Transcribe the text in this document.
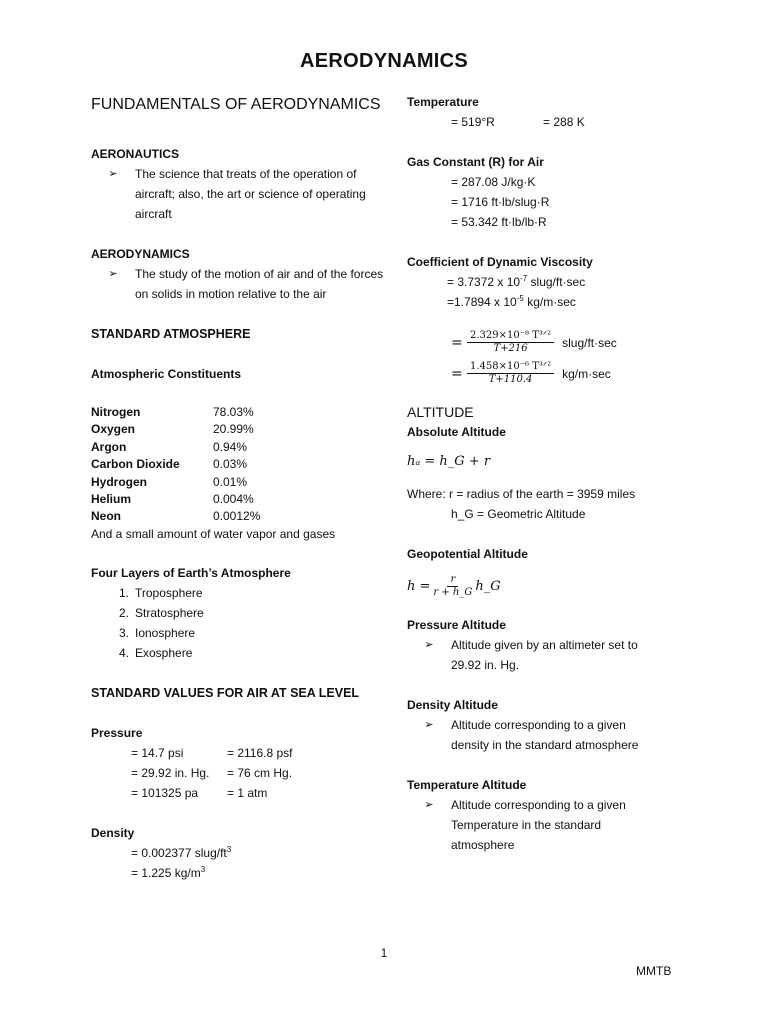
AERODYNAMICS
FUNDAMENTALS OF AERODYNAMICS
AERONAUTICS
➢	The science that treats of the operation of aircraft; also, the art or science of operating aircraft
AERODYNAMICS
➢	The study of the motion of air and of the forces on solids in motion relative to the air
STANDARD ATMOSPHERE
Atmospheric Constituents
Nitrogen	78.03%
Oxygen	20.99%
Argon	0.94%
Carbon Dioxide	0.03%
Hydrogen	0.01%
Helium	0.004%
Neon	0.0012%
And a small amount of water vapor and gases
Four Layers of Earth’s Atmosphere
1. Troposphere
2. Stratosphere
3. Ionosphere
4. Exosphere
STANDARD VALUES FOR AIR AT SEA LEVEL
Pressure
= 14.7 psi	= 2116.8 psf
= 29.92 in. Hg.	= 76 cm Hg.
= 101325 pa	= 1 atm
Density
= 0.002377 slug/$ft^3$
= 1.225 $kg/m^3$
Temperature
= 519°R	= 288 K
Gas Constant (R) for Air
= 287.08 J/kg·K
= 1716 ft·lb/slug·R
= 53.342 ft·lb/lb·R
Coefficient of Dynamic Viscosity
= 3.7372 x $10^{-7}$ slug/ft·sec
=1.7894 x $10^{-5}$ kg/m·sec
= $\frac{\text{2.329×10⁻⁸ T³ᐟ²}}{T+216}$ slug/ft·sec
= $\frac{\text{1.458×10⁻⁶ T³ᐟ²}}{T+110.4} kg/m\cdot\sec$
ALTITUDE
Absolute Altitude
hₐ = h_G + r
Where: r = radius of the earth = 3959 miles
h_G = Geometric Altitude
Geopotential Altitude
$h = \frac{r}{r + h\_G}$ h_G
Pressure Altitude
➢	Altitude given by an altimeter set to 29.92 in. Hg.
Density Altitude
➢	Altitude corresponding to a given density in the standard atmosphere
Temperature Altitude
➢	Altitude corresponding to a given Temperature in the standard atmosphere
1
MMTB
